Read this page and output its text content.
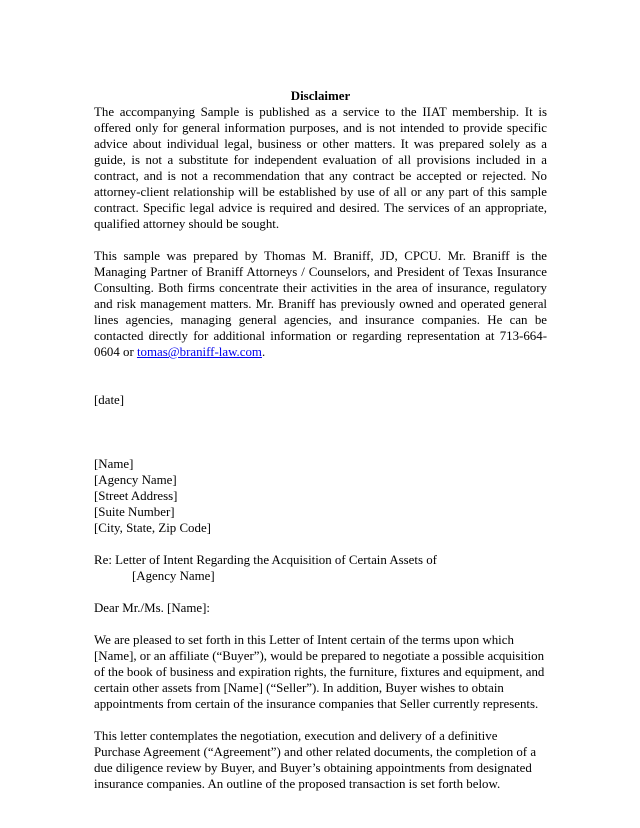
Disclaimer

The accompanying Sample is published as a service to the IIAT membership. It is offered only for general information purposes, and is not intended to provide specific advice about individual legal, business or other matters. It was prepared solely as a guide, is not a substitute for independent evaluation of all provisions included in a contract, and is not a recommendation that any contract be accepted or rejected. No attorney-client relationship will be established by use of all or any part of this sample contract. Specific legal advice is required and desired. The services of an appropriate, qualified attorney should be sought.

This sample was prepared by Thomas M. Braniff, JD, CPCU. Mr. Braniff is the Managing Partner of Braniff Attorneys / Counselors, and President of Texas Insurance Consulting. Both firms concentrate their activities in the area of insurance, regulatory and risk management matters. Mr. Braniff has previously owned and operated general lines agencies, managing general agencies, and insurance companies. He can be contacted directly for additional information or regarding representation at 713-664-0604 or tomas@braniff-law.com.

[date]

[Name]
[Agency Name]
[Street Address]
[Suite Number]
[City, State, Zip Code]

Re: Letter of Intent Regarding the Acquisition of Certain Assets of

[Agency Name]

Dear Mr./Ms. [Name]:

We are pleased to set forth in this Letter of Intent certain of the terms upon which [Name], or an affiliate (“Buyer”), would be prepared to negotiate a possible acquisition of the book of business and expiration rights, the furniture, fixtures and equipment, and certain other assets from [Name] (“Seller”). In addition, Buyer wishes to obtain appointments from certain of the insurance companies that Seller currently represents.

This letter contemplates the negotiation, execution and delivery of a definitive Purchase Agreement (“Agreement”) and other related documents, the completion of a due diligence review by Buyer, and Buyer’s obtaining appointments from designated insurance companies. An outline of the proposed transaction is set forth below.
